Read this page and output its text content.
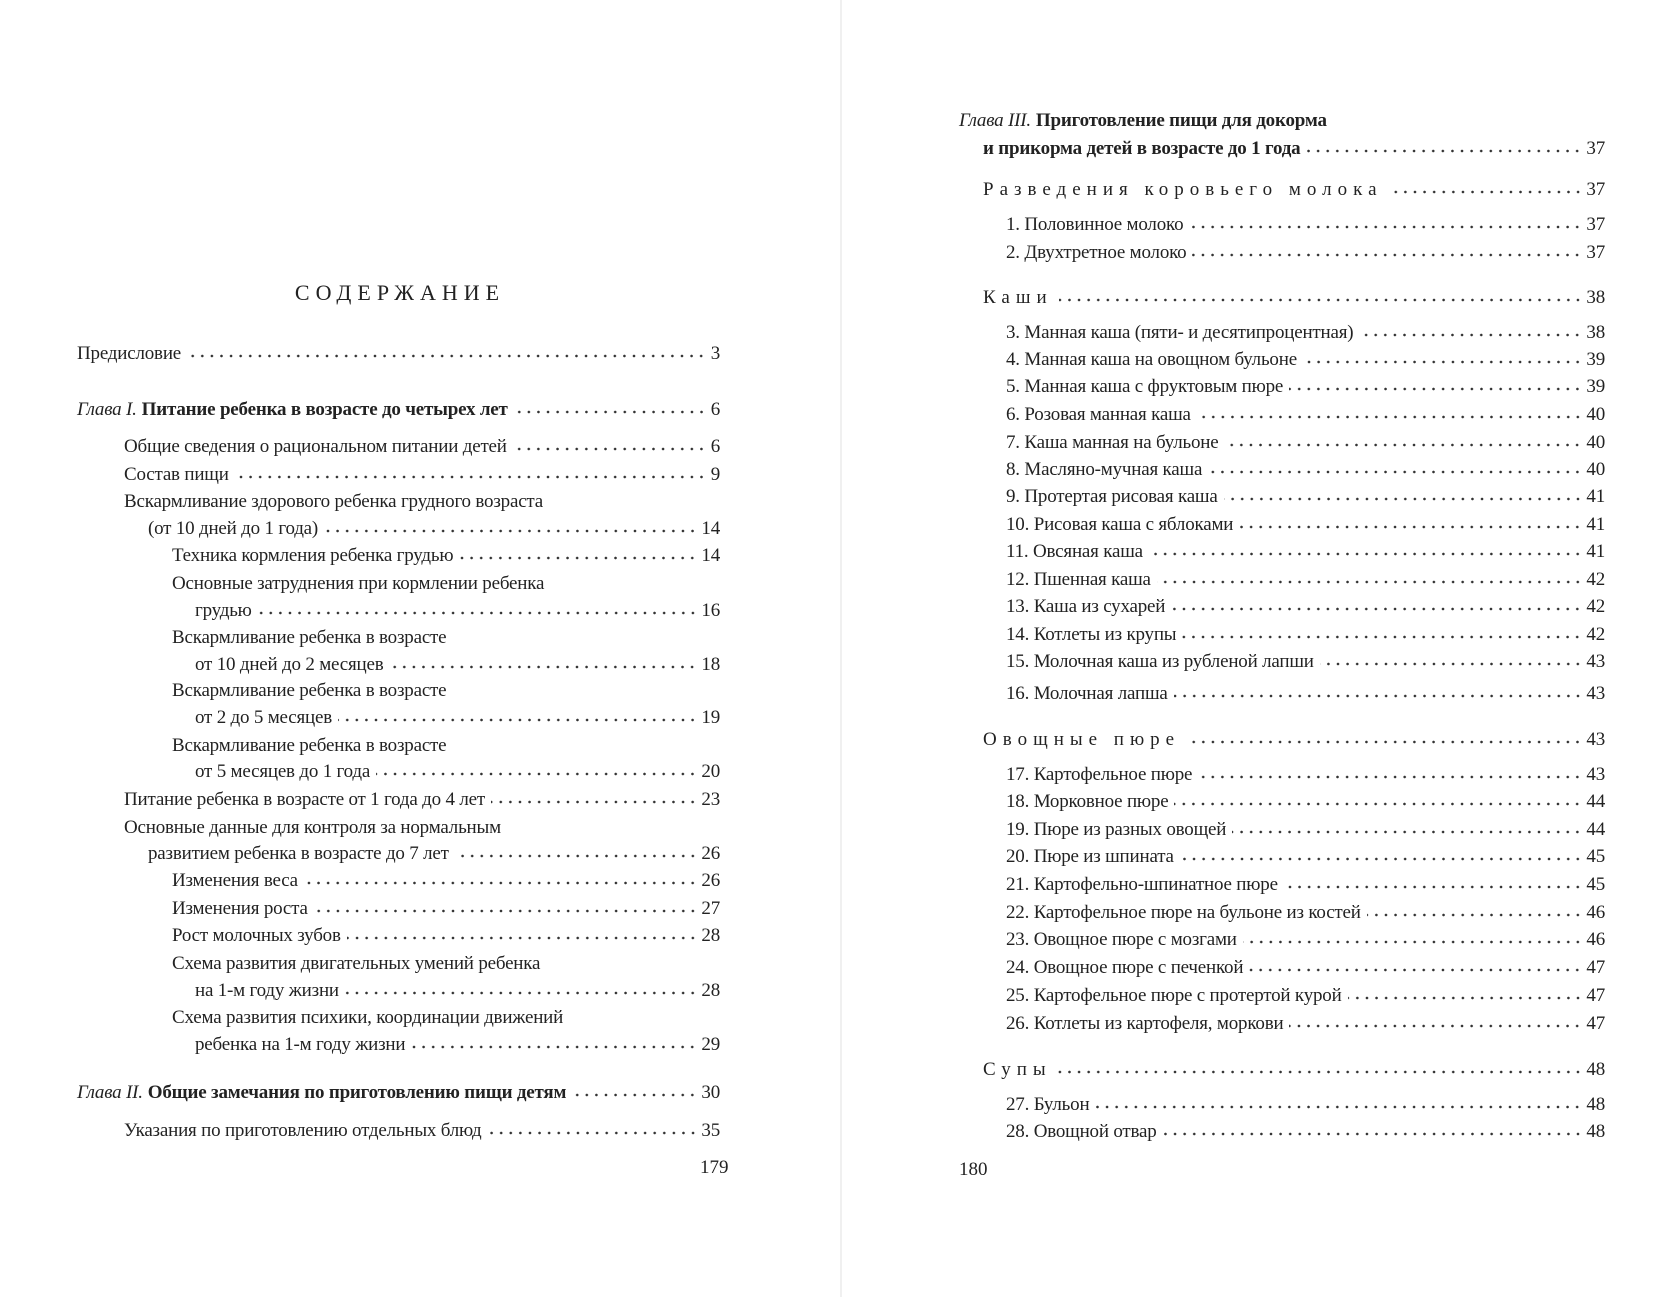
СОДЕРЖАНИЕ
179
Предисловие	3
Глава I. Питание ребенка в возрасте до четырех лет	6
Общие сведения о рациональном питании детей	6
Состав пищи	9
Вскармливание здорового ребенка грудного возраста
(от 10 дней до 1 года)	14
Техника кормления ребенка грудью	14
Основные затруднения при кормлении ребенка
грудью	16
Вскармливание ребенка в возрасте
от 10 дней до 2 месяцев	18
Вскармливание ребенка в возрасте
от 2 до 5 месяцев	19
Вскармливание ребенка в возрасте
от 5 месяцев до 1 года	20
Питание ребенка в возрасте от 1 года до 4 лет	23
Основные данные для контроля за нормальным
развитием ребенка в возрасте до 7 лет	26
Изменения веса	26
Изменения роста	27
Рост молочных зубов	28
Схема развития двигательных умений ребенка
на 1-м году жизни	28
Схема развития психики, координации движений
ребенка на 1-м году жизни	29
Глава II. Общие замечания по приготовлению пищи детям	30
Указания по приготовлению отдельных блюд	35
180
Глава III. Приготовление пищи для докорма
и прикорма детей в возрасте до 1 года	37
Разведения коровьего молока	37
1. Половинное молоко	37
2. Двухтретное молоко	37
Каши	38
3. Манная каша (пяти- и десятипроцентная)	38
4. Манная каша на овощном бульоне	39
5. Манная каша с фруктовым пюре	39
6. Розовая манная каша	40
7. Каша манная на бульоне	40
8. Масляно-мучная каша	40
9. Протертая рисовая каша	41
10. Рисовая каша с яблоками	41
11. Овсяная каша	41
12. Пшенная каша	42
13. Каша из сухарей	42
14. Котлеты из крупы	42
15. Молочная каша из рубленой лапши	43
16. Молочная лапша	43
Овощные пюре	43
17. Картофельное пюре	43
18. Морковное пюре	44
19. Пюре из разных овощей	44
20. Пюре из шпината	45
21. Картофельно-шпинатное пюре	45
22. Картофельное пюре на бульоне из костей	46
23. Овощное пюре с мозгами	46
24. Овощное пюре с печенкой	47
25. Картофельное пюре с протертой курой	47
26. Котлеты из картофеля, моркови	47
Супы	48
27. Бульон	48
28. Овощной отвар	48
